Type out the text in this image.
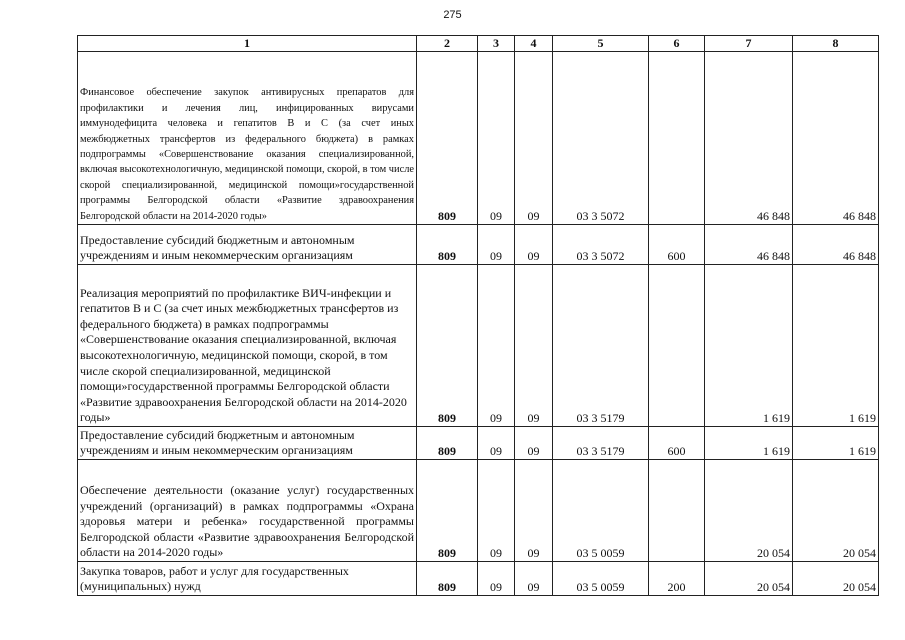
275
1	2	3	4	5	6	7	8
Финансовое обеспечение закупок антивирусных препаратов для профилактики и лечения лиц, инфицированных вирусами иммунодефицита человека и гепатитов В и С (за счет иных межбюджетных трансфертов из федерального бюджета) в рамках подпрограммы «Совершенствование оказания специализированной, включая высокотехнологичную, медицинской помощи, скорой, в том числе скорой специализированной, медицинской помощи»государственной программы Белгородской области «Развитие здравоохранения Белгородской области на 2014-2020 годы»	809	09	09	03 3 5072		46 848	46 848
Предоставление субсидий бюджетным и автономным учреждениям и иным некоммерческим организациям	809	09	09	03 3 5072	600	46 848	46 848
Реализация мероприятий по профилактике ВИЧ-инфекции и гепатитов В и С (за счет иных межбюджетных трансфертов из федерального бюджета) в рамках подпрограммы «Совершенствование оказания специализированной, включая высокотехнологичную, медицинской помощи, скорой, в том числе скорой специализированной, медицинской помощи»государственной программы Белгородской области «Развитие здравоохранения Белгородской области на 2014-2020 годы»	809	09	09	03 3 5179		1 619	1 619
Предоставление субсидий бюджетным и автономным учреждениям и иным некоммерческим организациям	809	09	09	03 3 5179	600	1 619	1 619
Обеспечение деятельности (оказание услуг) государственных учреждений (организаций) в рамках подпрограммы «Охрана здоровья матери и ребенка» государственной программы Белгородской области «Развитие здравоохранения Белгородской области на 2014-2020 годы»	809	09	09	03 5 0059		20 054	20 054
Закупка товаров, работ и услуг для государственных (муниципальных) нужд	809	09	09	03 5 0059	200	20 054	20 054
